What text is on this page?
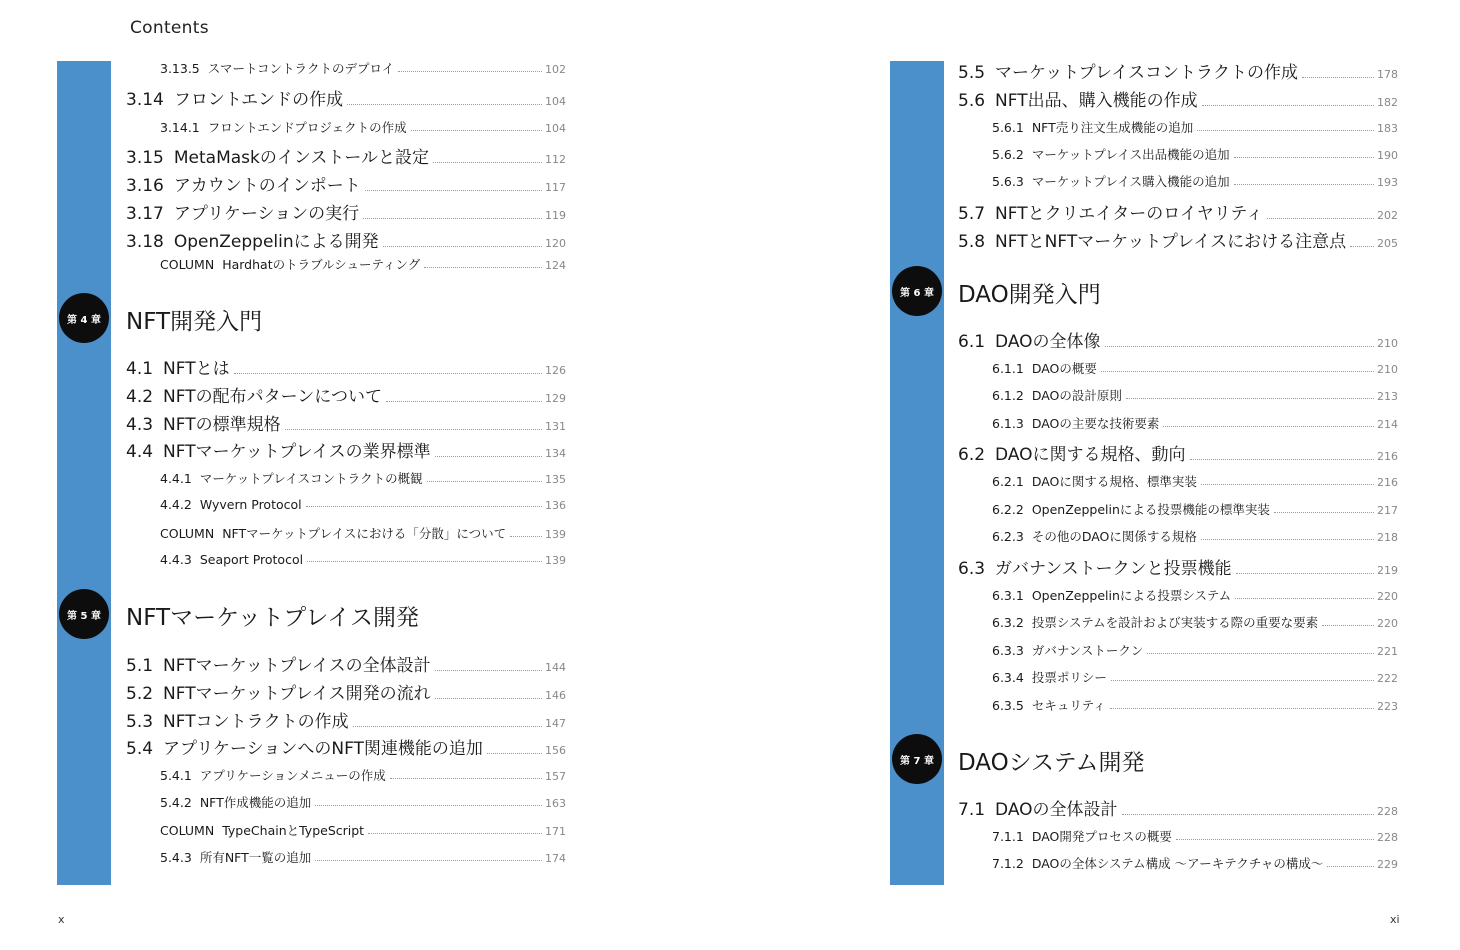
Contents
3.13.5 スマートコントラクトのデプロイ	102
3.14 フロントエンドの作成	104
3.14.1 フロントエンドプロジェクトの作成	104
3.15 MetaMaskのインストールと設定	112
3.16 アカウントのインポート	117
3.17 アプリケーションの実行	119
3.18 OpenZeppelinによる開発	120
COLUMN Hardhatのトラブルシューティング	124
第 4 章	NFT開発入門
4.1 NFTとは	126
4.2 NFTの配布パターンについて	129
4.3 NFTの標準規格	131
4.4 NFTマーケットプレイスの業界標準	134
4.4.1 マーケットプレイスコントラクトの概観	135
4.4.2 Wyvern Protocol	136
COLUMN NFTマーケットプレイスにおける「分散」について	139
4.4.3 Seaport Protocol	139
第 5 章	NFTマーケットプレイス開発
5.1 NFTマーケットプレイスの全体設計	144
5.2 NFTマーケットプレイス開発の流れ	146
5.3 NFTコントラクトの作成	147
5.4 アプリケーションへのNFT関連機能の追加	156
5.4.1 アプリケーションメニューの作成	157
5.4.2 NFT作成機能の追加	163
COLUMN TypeChainとTypeScript	171
5.4.3 所有NFT一覧の追加	174
5.5 マーケットプレイスコントラクトの作成	178
5.6 NFT出品、購入機能の作成	182
5.6.1 NFT売り注文生成機能の追加	183
5.6.2 マーケットプレイス出品機能の追加	190
5.6.3 マーケットプレイス購入機能の追加	193
5.7 NFTとクリエイターのロイヤリティ	202
5.8 NFTとNFTマーケットプレイスにおける注意点	205
第 6 章	DAO開発入門
6.1 DAOの全体像	210
6.1.1 DAOの概要	210
6.1.2 DAOの設計原則	213
6.1.3 DAOの主要な技術要素	214
6.2 DAOに関する規格、動向	216
6.2.1 DAOに関する規格、標準実装	216
6.2.2 OpenZeppelinによる投票機能の標準実装	217
6.2.3 その他のDAOに関係する規格	218
6.3 ガバナンストークンと投票機能	219
6.3.1 OpenZeppelinによる投票システム	220
6.3.2 投票システムを設計および実装する際の重要な要素	220
6.3.3 ガバナンストークン	221
6.3.4 投票ポリシー	222
6.3.5 セキュリティ	223
第 7 章	DAOシステム開発
7.1 DAOの全体設計	228
7.1.1 DAO開発プロセスの概要	228
7.1.2 DAOの全体システム構成 ～アーキテクチャの構成～	229
x	xi
